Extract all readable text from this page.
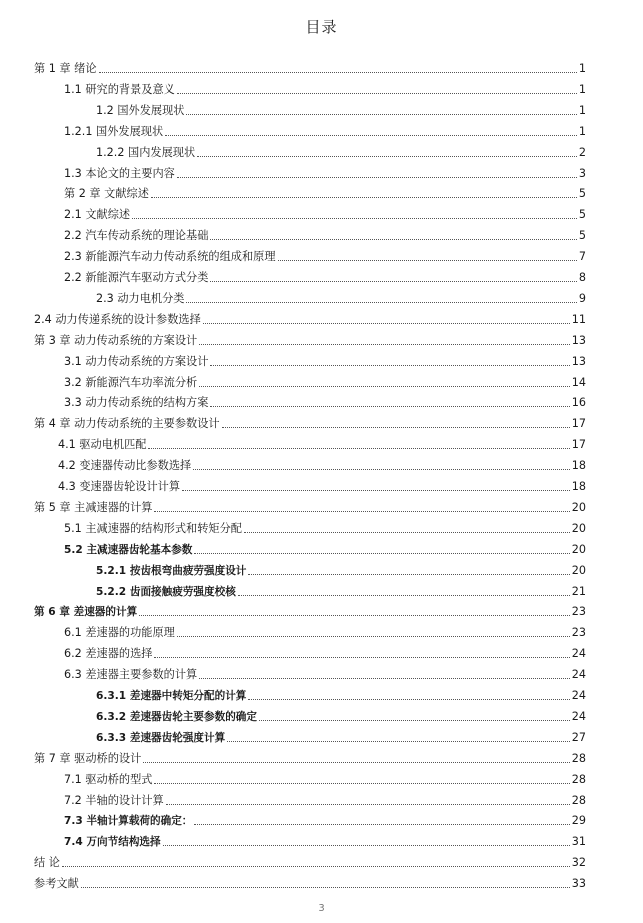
目录
第 1 章 绪论	1
1.1 研究的背景及意义	1
1.2 国外发展现状	1
1.2.1 国外发展现状	1
1.2.2 国内发展现状	2
1.3 本论文的主要内容	3
第 2 章 文献综述	5
2.1 文献综述	5
2.2 汽车传动系统的理论基础	5
2.3 新能源汽车动力传动系统的组成和原理	7
2.2 新能源汽车驱动方式分类	8
2.3 动力电机分类	9
2.4 动力传递系统的设计参数选择	11
第 3 章 动力传动系统的方案设计	13
3.1 动力传动系统的方案设计	13
3.2 新能源汽车功率流分析	14
3.3 动力传动系统的结构方案	16
第 4 章 动力传动系统的主要参数设计	17
4.1 驱动电机匹配	17
4.2 变速器传动比参数选择	18
4.3 变速器齿轮设计计算	18
第 5 章 主减速器的计算	20
5.1 主减速器的结构形式和转矩分配	20
5.2 主减速器齿轮基本参数	20
5.2.1 按齿根弯曲疲劳强度设计	20
5.2.2 齿面接触疲劳强度校核	21
第 6 章 差速器的计算	23
6.1 差速器的功能原理	23
6.2 差速器的选择	24
6.3 差速器主要参数的计算	24
6.3.1 差速器中转矩分配的计算	24
6.3.2 差速器齿轮主要参数的确定	24
6.3.3 差速器齿轮强度计算	27
第 7 章 驱动桥的设计	28
7.1 驱动桥的型式	28
7.2 半轴的设计计算	28
7.3 半轴计算载荷的确定：	29
7.4 万向节结构选择	31
结 论	32
参考文献	33
3
